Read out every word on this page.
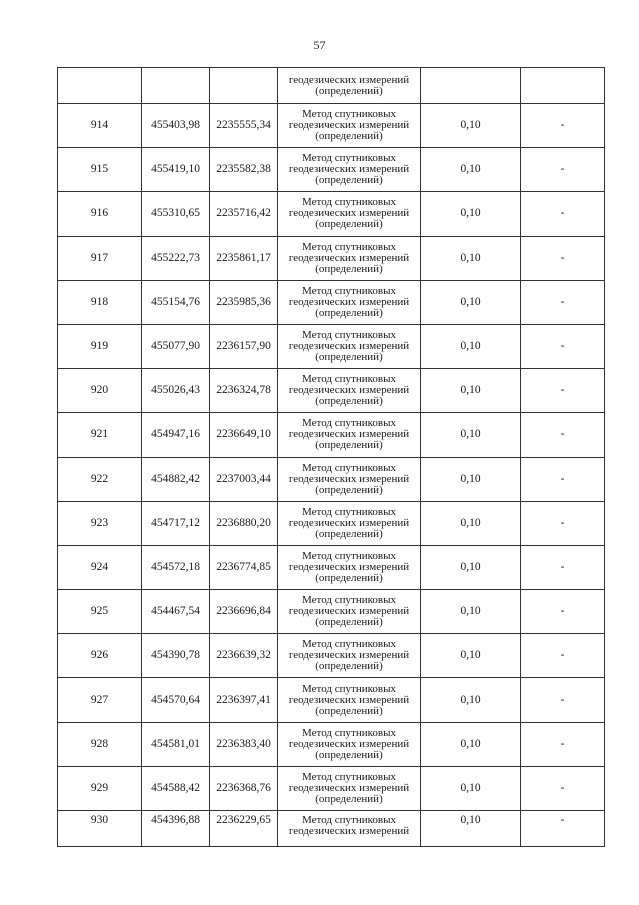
57

			геодезических измерений
(определений)		

914	455403,98	2235555,34	Метод спутниковых
геодезических измерений
(определений)	0,10	-
915	455419,10	2235582,38	Метод спутниковых
геодезических измерений
(определений)	0,10	-
916	455310,65	2235716,42	Метод спутниковых
геодезических измерений
(определений)	0,10	-
917	455222,73	2235861,17	Метод спутниковых
геодезических измерений
(определений)	0,10	-
918	455154,76	2235985,36	Метод спутниковых
геодезических измерений
(определений)	0,10	-
919	455077,90	2236157,90	Метод спутниковых
геодезических измерений
(определений)	0,10	-
920	455026,43	2236324,78	Метод спутниковых
геодезических измерений
(определений)	0,10	-
921	454947,16	2236649,10	Метод спутниковых
геодезических измерений
(определений)	0,10	-
922	454882,42	2237003,44	Метод спутниковых
геодезических измерений
(определений)	0,10	-
923	454717,12	2236880,20	Метод спутниковых
геодезических измерений
(определений)	0,10	-
924	454572,18	2236774,85	Метод спутниковых
геодезических измерений
(определений)	0,10	-
925	454467,54	2236696,84	Метод спутниковых
геодезических измерений
(определений)	0,10	-
926	454390,78	2236639,32	Метод спутниковых
геодезических измерений
(определений)	0,10	-
927	454570,64	2236397,41	Метод спутниковых
геодезических измерений
(определений)	0,10	-
928	454581,01	2236383,40	Метод спутниковых
геодезических измерений
(определений)	0,10	-
929	454588,42	2236368,76	Метод спутниковых
геодезических измерений
(определений)	0,10	-
930	454396,88	2236229,65	Метод спутниковых
геодезических измерений	0,10	-
